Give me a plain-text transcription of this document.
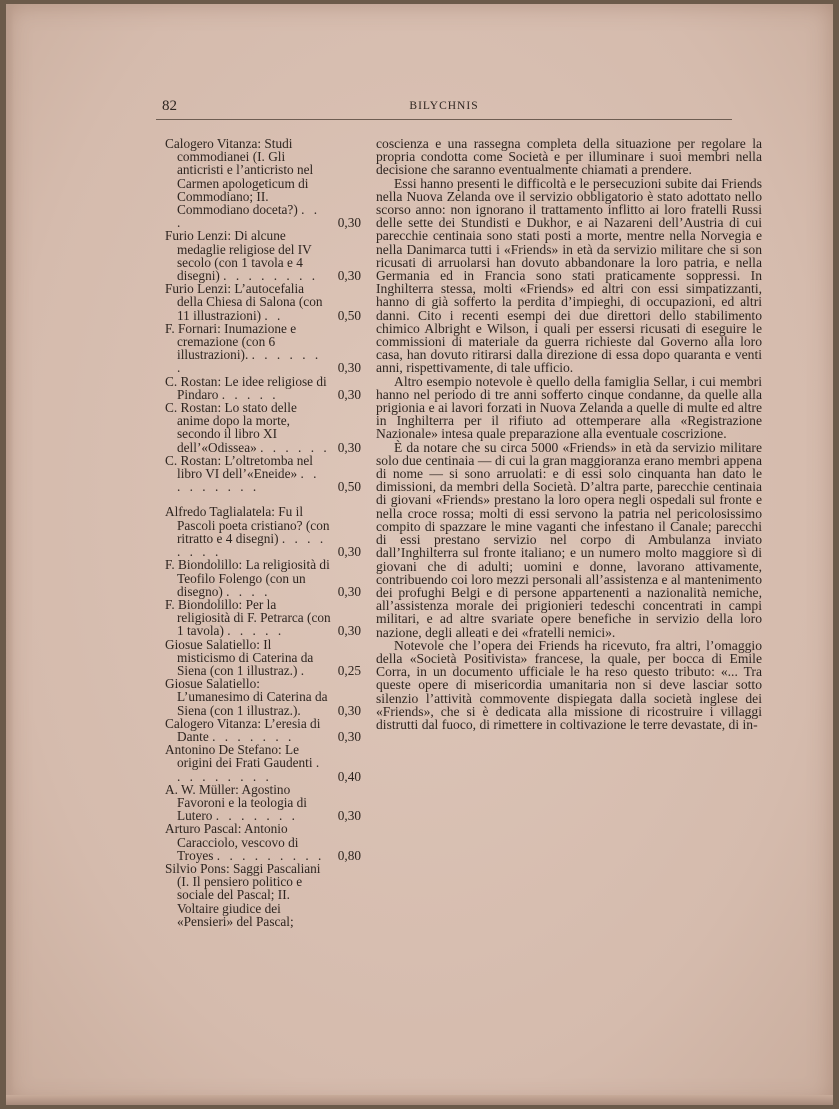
82	BILYCHNIS
Calogero Vitanza: Studi commodianei (I. Gli anticristi e l’anticristo nel Carmen apologeticum di Commodiano; II. Commodiano doceta?) . . .	0,30
Furio Lenzi: Di alcune medaglie religiose del IV secolo (con 1 tavola e 4 disegni) . . . . . . . . 0,30
Furio Lenzi: L’autocefalia della Chiesa di Salona (con 11 illustrazioni) . .	0,50
F. Fornari: Inumazione e cremazione (con 6 illustrazioni). . . . . . . .	0,30
C. Rostan: Le idee religiose di Pindaro . . . . .	0,30
C. Rostan: Lo stato delle anime dopo la morte, secondo il libro XI dell’«Odissea» . . . . . . 0,30
C. Rostan: L’oltretomba nel libro VI dell’«Eneide» . . . . . . . . .	0,50
Alfredo Taglialatela: Fu il Pascoli poeta cristiano? (con ritratto e 4 disegni) . . . . . . . .	0,30
F. Biondolillo: La religiosità di Teofilo Folengo (con un disegno) . . . .	0,30
F. Biondolillo: Per la religiosità di F. Petrarca (con 1 tavola) . . . . .	0,30
Giosue Salatiello: Il misticismo di Caterina da Siena (con 1 illustraz.) . 0,25
Giosue Salatiello: L’umanesimo di Caterina da Siena (con 1 illustraz.).	0,30
Calogero Vitanza: L’eresia di Dante . . . . . . .	0,30
Antonino De Stefano: Le origini dei Frati Gaudenti . . . . . . . . .	0,40
A. W. Müller: Agostino Favoroni e la teologia di Lutero . . . . . . .	0,30
Arturo Pascal: Antonio Caracciolo, vescovo di Troyes . . . . . . . . . 0,80
Silvio Pons: Saggi Pascaliani (I. Il pensiero politico e sociale del Pascal; II. Voltaire giudice dei «Pensieri» del Pascal;

coscienza e una rassegna completa della situazione per regolare la propria condotta come Società e per illuminare i suoi membri nella decisione che saranno eventualmente chiamati a prendere.

Essi hanno presenti le difficoltà e le persecuzioni subite dai Friends nella Nuova Zelanda ove il servizio obbligatorio è stato adottato nello scorso anno: non ignorano il trattamento inflitto ai loro fratelli Russi delle sette dei Stundisti e Dukhor, e ai Nazareni dell’Austria di cui parecchie centinaia sono stati posti a morte, mentre nella Norvegia e nella Danimarca tutti i «Friends» in età da servizio militare che si son ricusati di arruolarsi han dovuto abbandonare la loro patria, e nella Germania ed in Francia sono stati praticamente soppressi. In Inghilterra stessa, molti «Friends» ed altri con essi simpatizzanti, hanno di già sofferto la perdita d’impieghi, di occupazioni, ed altri danni. Cito i recenti esempi dei due direttori dello stabilimento chimico Albright e Wilson, i quali per essersi ricusati di eseguire le commissioni di materiale da guerra richieste dal Governo alla loro casa, han dovuto ritirarsi dalla direzione di essa dopo quaranta e venti anni, rispettivamente, di tale ufficio.

Altro esempio notevole è quello della famiglia Sellar, i cui membri hanno nel periodo di tre anni sofferto cinque condanne, da quelle alla prigionia e ai lavori forzati in Nuova Zelanda a quelle di multe ed altre in Inghilterra per il rifiuto ad ottemperare alla «Registrazione Nazionale» intesa quale preparazione alla eventuale coscrizione.

È da notare che su circa 5000 «Friends» in età da servizio militare solo due centinaia — di cui la gran maggioranza erano membri appena di nome — si sono arruolati: e di essi solo cinquanta han dato le dimissioni, da membri della Società. D’altra parte, parecchie centinaia di giovani «Friends» prestano la loro opera negli ospedali sul fronte e nella croce rossa; molti di essi servono la patria nel pericolosissimo compito di spazzare le mine vaganti che infestano il Canale; parecchi di essi prestano servizio nel corpo di Ambulanza inviato dall’Inghilterra sul fronte italiano; e un numero molto maggiore sì di giovani che di adulti; uomini e donne, lavorano attivamente, contribuendo coi loro mezzi personali all’assistenza e al mantenimento dei profughi Belgi e di persone appartenenti a nazionalità nemiche, all’assistenza morale dei prigionieri tedeschi concentrati in campi militari, e ad altre svariate opere benefiche in servizio della loro nazione, degli alleati e dei «fratelli nemici».

Notevole che l’opera dei Friends ha ricevuto, fra altri, l’omaggio della «Società Positivista» francese, la quale, per bocca di Emile Corra, in un documento ufficiale le ha reso questo tributo: «... Tra queste opere di misericordia umanitaria non si deve lasciar sotto silenzio l’attività commovente dispiegata dalla società inglese dei «Friends», che si è dedicata alla missione di ricostruire i villaggi distrutti dal fuoco, di rimettere in coltivazione le terre devastate, di in-
